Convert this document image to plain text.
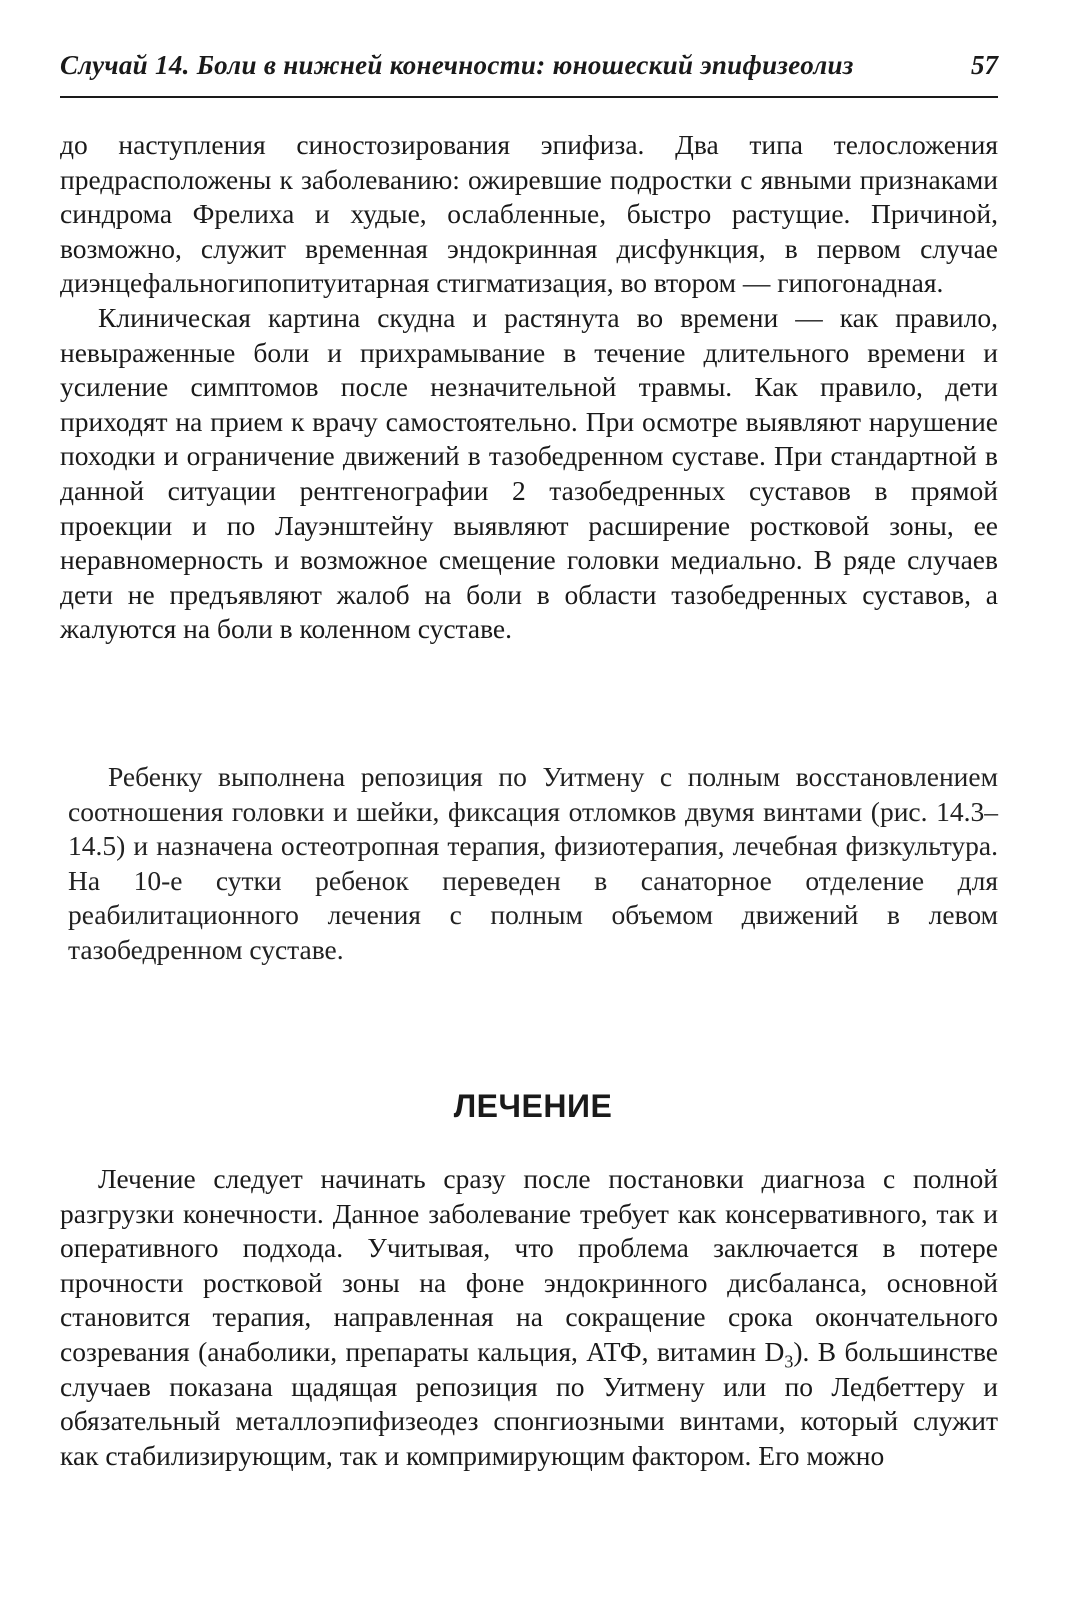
Случай 14. Боли в нижней конечности: юношеский эпифизеолиз	57

до наступления синостозирования эпифиза. Два типа телосложения предрасположены к заболеванию: ожиревшие подростки с явными признаками синдрома Фрелиха и худые, ослабленные, быстро растущие. Причиной, возможно, служит временная эндокринная дисфункция, в первом случае диэнцефальногипопитуитарная стигматизация, во втором — гипогонадная.

Клиническая картина скудна и растянута во времени — как правило, невыраженные боли и прихрамывание в течение длительного времени и усиление симптомов после незначительной травмы. Как правило, дети приходят на прием к врачу самостоятельно. При осмотре выявляют нарушение походки и ограничение движений в тазобедренном суставе. При стандартной в данной ситуации рентгенографии 2 тазобедренных суставов в прямой проекции и по Лауэнштейну выявляют расширение ростковой зоны, ее неравномерность и возможное смещение головки медиально. В ряде случаев дети не предъявляют жалоб на боли в области тазобедренных суставов, а жалуются на боли в коленном суставе.

Ребенку выполнена репозиция по Уитмену с полным восстановлением соотношения головки и шейки, фиксация отломков двумя винтами (рис. 14.3–14.5) и назначена остеотропная терапия, физиотерапия, лечебная физкультура. На 10-е сутки ребенок переведен в санаторное отделение для реабилитационного лечения с полным объемом движений в левом тазобедренном суставе.

ЛЕЧЕНИЕ

Лечение следует начинать сразу после постановки диагноза с полной разгрузки конечности. Данное заболевание требует как консервативного, так и оперативного подхода. Учитывая, что проблема заключается в потере прочности ростковой зоны на фоне эндокринного дисбаланса, основной становится терапия, направленная на сокращение срока окончательного созревания (анаболики, препараты кальция, АТФ, витамин $D_3$). В большинстве случаев показана щадящая репозиция по Уитмену или по Ледбеттеру и обязательный металлоэпифизеодез спонгиозными винтами, который служит как стабилизирующим, так и компримирующим фактором. Его можно
